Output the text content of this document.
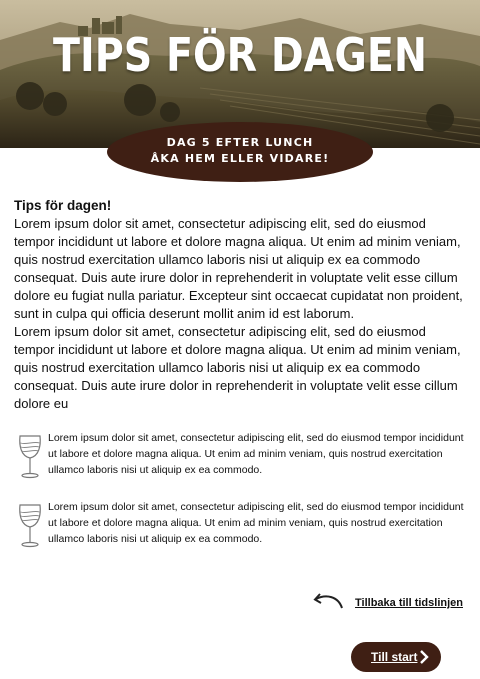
TIPS FÖR DAGEN
DAG 5 EFTER LUNCH
ÅKA HEM ELLER VIDARE!
Tips för dagen!

Lorem ipsum dolor sit amet, consectetur adipiscing elit, sed do eiusmod tempor incididunt ut labore et dolore magna aliqua. Ut enim ad minim veniam, quis nostrud exercitation ullamco laboris nisi ut aliquip ex ea commodo consequat. Duis aute irure dolor in reprehenderit in voluptate velit esse cillum dolore eu fugiat nulla pariatur. Excepteur sint occaecat cupidatat non proident, sunt in culpa qui officia deserunt mollit anim id est laborum.

Lorem ipsum dolor sit amet, consectetur adipiscing elit, sed do eiusmod tempor incididunt ut labore et dolore magna aliqua. Ut enim ad minim veniam, quis nostrud exercitation ullamco laboris nisi ut aliquip ex ea commodo consequat. Duis aute irure dolor in reprehenderit in voluptate velit esse cillum dolore eu

Lorem ipsum dolor sit amet, consectetur adipiscing elit, sed do eiusmod tempor incididunt ut labore et dolore magna aliqua. Ut enim ad minim veniam, quis nostrud exercitation ullamco laboris nisi ut aliquip ex ea commodo.
Lorem ipsum dolor sit amet, consectetur adipiscing elit, sed do eiusmod tempor incididunt ut labore et dolore magna aliqua. Ut enim ad minim veniam, quis nostrud exercitation ullamco laboris nisi ut aliquip ex ea commodo.
Tillbaka till tidslinjen
Till start
